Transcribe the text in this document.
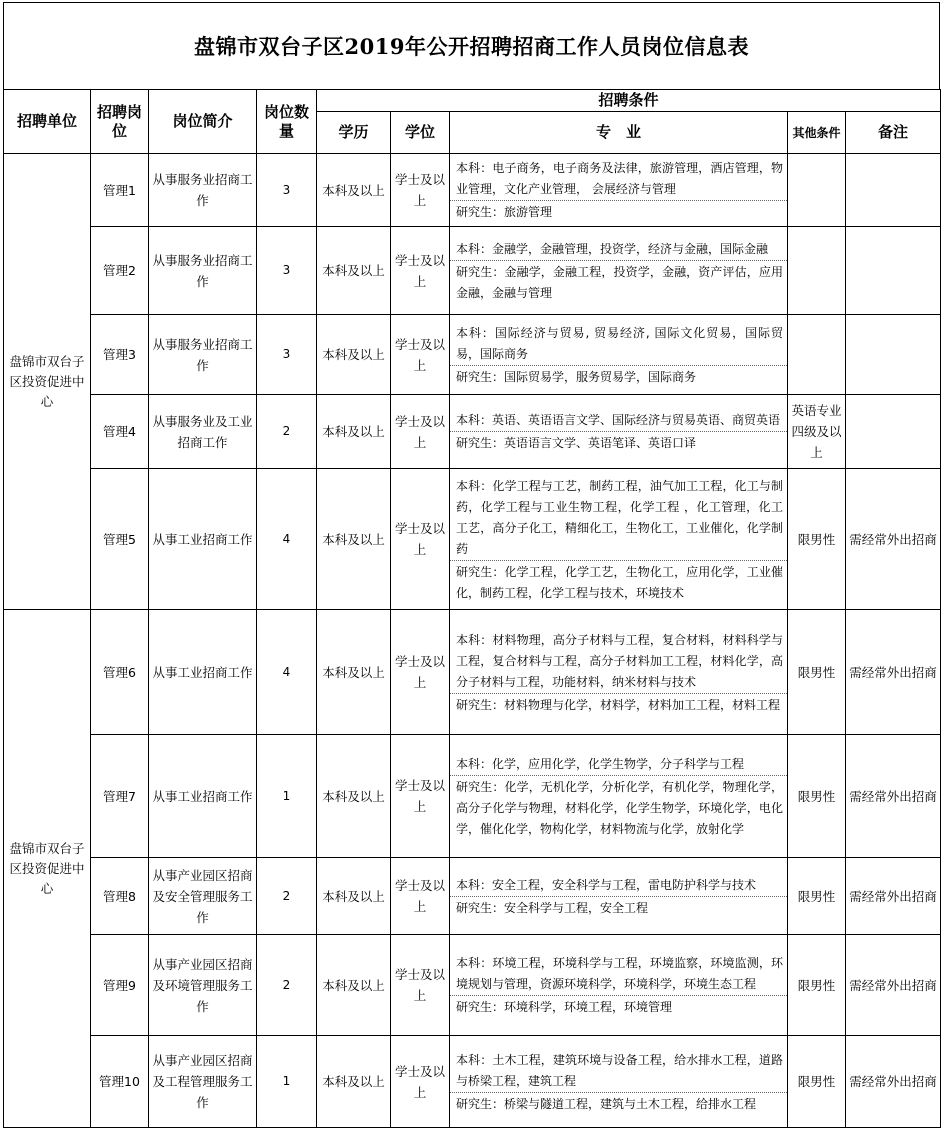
盘锦市双台子区2019年公开招聘招商工作人员岗位信息表
招聘单位	招聘岗位	岗位简介	岗位数量	招聘条件				
				学历	学位	专　业	其他条件	备注
盘锦市双台子区投资促进中心	管理1	从事服务业招商工作	3	本科及以上	学士及以上	本科：电子商务，电子商务及法律，旅游管理，酒店管理，物业管理，文化产业管理， 会展经济与管理
研究生：旅游管理		

	管理2	从事服务业招商工作	3	本科及以上	学士及以上	本科：金融学，金融管理，投资学，经济与金融，国际金融
研究生：金融学，金融工程，投资学，金融，资产评估，应用金融，金融与管理		

	管理3	从事服务业招商工作	3	本科及以上	学士及以上	本科：国际经济与贸易, 贸易经济, 国际文化贸易，国际贸易，国际商务
研究生：国际贸易学，服务贸易学，国际商务		

	管理4	从事服务业及工业招商工作	2	本科及以上	学士及以上	本科：英语、英语语言文学、国际经济与贸易英语、商贸英语
研究生：英语语言文学、英语笔译、英语口译	英语专业四级及以上	
	管理5	从事工业招商工作	4	本科及以上	学士及以上	本科：化学工程与工艺，制药工程，油气加工工程，化工与制药，化学工程与工业生物工程，化学工程 ，化工管理，化工工艺，高分子化工，精细化工，生物化工，工业催化，化学制药
研究生：化学工程，化学工艺，生物化工，应用化学，工业催化，制药工程，化学工程与技术，环境技术	限男性	需经常外出招商
盘锦市双台子区投资促进中心	管理6	从事工业招商工作	4	本科及以上	学士及以上	本科：材料物理，高分子材料与工程，复合材料，材料科学与工程，复合材料与工程，高分子材料加工工程，材料化学，高分子材料与工程，功能材料，纳米材料与技术
研究生：材料物理与化学，材料学，材料加工工程，材料工程	限男性	需经常外出招商
	管理7	从事工业招商工作	1	本科及以上	学士及以上	本科：化学，应用化学，化学生物学，分子科学与工程
研究生：化学，无机化学，分析化学，有机化学，物理化学，高分子化学与物理，材料化学，化学生物学，环境化学，电化学，催化化学，物构化学，材料物流与化学，放射化学	限男性	需经常外出招商
	管理8	从事产业园区招商及安全管理服务工作	2	本科及以上	学士及以上	本科：安全工程，安全科学与工程，雷电防护科学与技术
研究生：安全科学与工程，安全工程	限男性	需经常外出招商
	管理9	从事产业园区招商及环境管理服务工作	2	本科及以上	学士及以上	本科：环境工程，环境科学与工程，环境监察，环境监测，环境规划与管理，资源环境科学，环境科学，环境生态工程
研究生：环境科学，环境工程，环境管理	限男性	需经常外出招商
	管理10	从事产业园区招商及工程管理服务工作	1	本科及以上	学士及以上	本科：土木工程，建筑环境与设备工程，给水排水工程，道路与桥梁工程，建筑工程
研究生：桥梁与隧道工程，建筑与土木工程，给排水工程	限男性	需经常外出招商
